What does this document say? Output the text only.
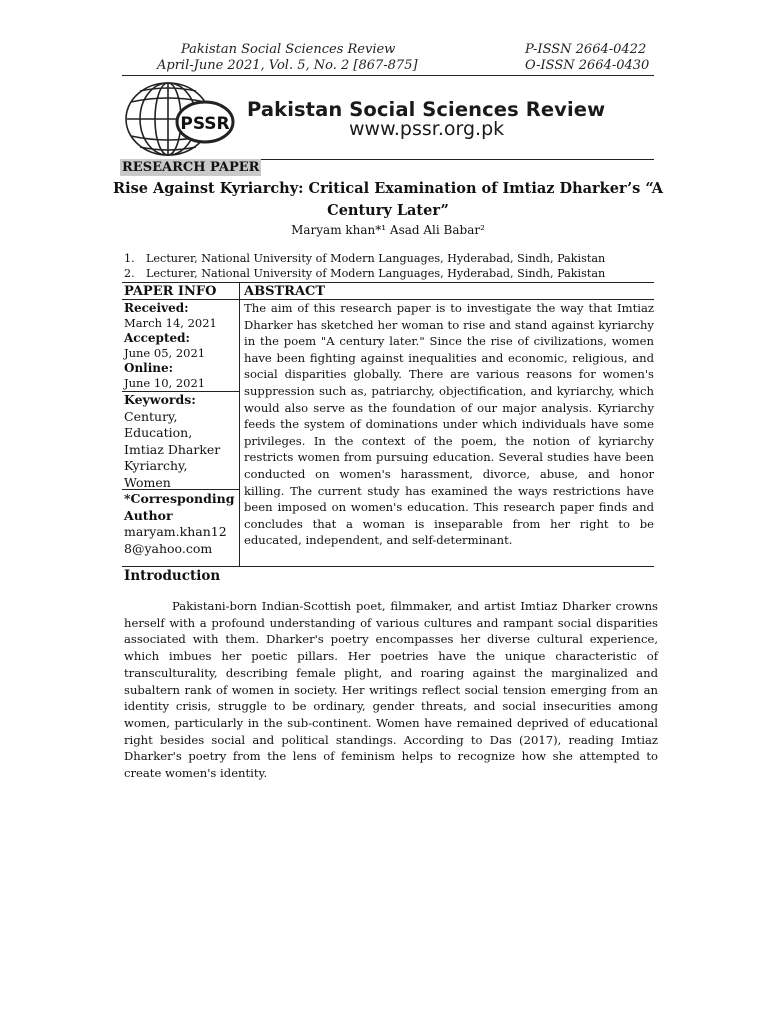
Pakistan Social Sciences Review
April-June 2021, Vol. 5, No. 2 [867-875]
P-ISSN 2664-0422
O-ISSN 2664-0430
PSSR
Pakistan Social Sciences Review
www.pssr.org.pk
RESEARCH PAPER
Rise Against Kyriarchy: Critical Examination of Imtiaz Dharker’s “A
Century Later”
Maryam khan*¹ Asad Ali Babar²
1. Lecturer, National University of Modern Languages, Hyderabad, Sindh, Pakistan
2. Lecturer, National University of Modern Languages, Hyderabad, Sindh, Pakistan
PAPER INFO ABSTRACT
Received:
March 14, 2021
Accepted:
June 05, 2021
Online:
June 10, 2021
Keywords:
Century,
Education,
Imtiaz Dharker
Kyriarchy,
Women
*Corresponding
Author
maryam.khan12
8@yahoo.com
The aim of this research paper is to investigate the way that Imtiaz Dharker has sketched her woman to rise and stand against kyriarchy in the poem "A century later." Since the rise of civilizations, women have been fighting against inequalities and economic, religious, and social disparities globally. There are various reasons for women's suppression such as, patriarchy, objectification, and kyriarchy, which would also serve as the foundation of our major analysis. Kyriarchy feeds the system of dominations under which individuals have some privileges. In the context of the poem, the notion of kyriarchy restricts women from pursuing education. Several studies have been conducted on women's harassment, divorce, abuse, and honor killing. The current study has examined the ways restrictions have been imposed on women's education. This research paper finds and concludes that a woman is inseparable from her right to be educated, independent, and self-determinant.
Introduction
Pakistani-born Indian-Scottish poet, filmmaker, and artist Imtiaz Dharker crowns herself with a profound understanding of various cultures and rampant social disparities associated with them. Dharker's poetry encompasses her diverse cultural experience, which imbues her poetic pillars. Her poetries have the unique characteristic of transculturality, describing female plight, and roaring against the marginalized and subaltern rank of women in society. Her writings reflect social tension emerging from an identity crisis, struggle to be ordinary, gender threats, and social insecurities among women, particularly in the sub-continent. Women have remained deprived of educational right besides social and political standings. According to Das (2017), reading Imtiaz Dharker's poetry from the lens of feminism helps to recognize how she attempted to create women's identity.
